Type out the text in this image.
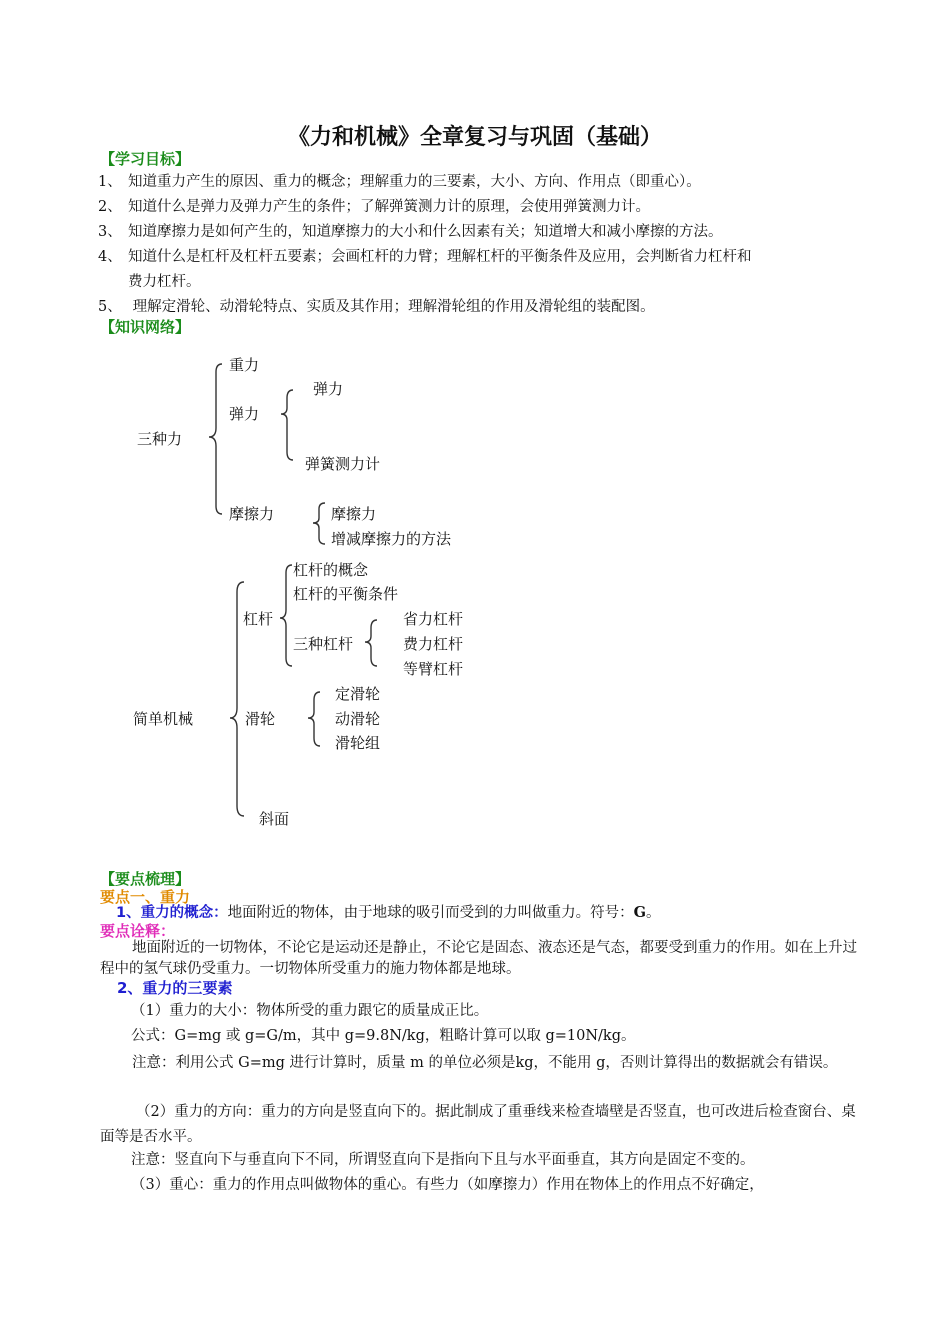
《力和机械》全章复习与巩固（基础）
【学习目标】
1、 知道重力产生的原因、重力的概念；理解重力的三要素，大小、方向、作用点（即重心）。
2、 知道什么是弹力及弹力产生的条件；了解弹簧测力计的原理，会使用弹簧测力计。
3、 知道摩擦力是如何产生的，知道摩擦力的大小和什么因素有关；知道增大和减小摩擦的方法。
4、 知道什么是杠杆及杠杆五要素；会画杠杆的力臂；理解杠杆的平衡条件及应用，会判断省力杠杆和
费力杠杆。
5、 理解定滑轮、动滑轮特点、实质及其作用；理解滑轮组的作用及滑轮组的装配图。
【知识网络】
三种力
重力
弹力
弹力
弹簧测力计
摩擦力	摩擦力
增减摩擦力的方法
简单机械
杠杆
杠杆的概念
杠杆的平衡条件
三种杠杆
省力杠杆
费力杠杆
等臂杠杆
滑轮
定滑轮
动滑轮
滑轮组
斜面
【要点梳理】
要点一、重力
1、重力的概念：地面附近的物体，由于地球的吸引而受到的力叫做重力。符号：G。
要点诠释：
地面附近的一切物体，不论它是运动还是静止，不论它是固态、液态还是气态，都要受到重力的作用。如在上升过程中的氢气球仍受重力。一切物体所受重力的施力物体都是地球。
2、重力的三要素
（1）重力的大小：物体所受的重力跟它的质量成正比。
公式：G=mg 或 g=G/m，其中 g=9.8N/kg，粗略计算可以取 g=10N/kg。
注意：利用公式 G=mg 进行计算时，质量 m 的单位必须是kg，不能用 g，否则计算得出的数据就会有错误。
（2）重力的方向：重力的方向是竖直向下的。据此制成了重垂线来检查墙壁是否竖直，也可改进后检查窗台、桌面等是否水平。
注意：竖直向下与垂直向下不同，所谓竖直向下是指向下且与水平面垂直，其方向是固定不变的。
（3）重心：重力的作用点叫做物体的重心。有些力（如摩擦力）作用在物体上的作用点不好确定，
